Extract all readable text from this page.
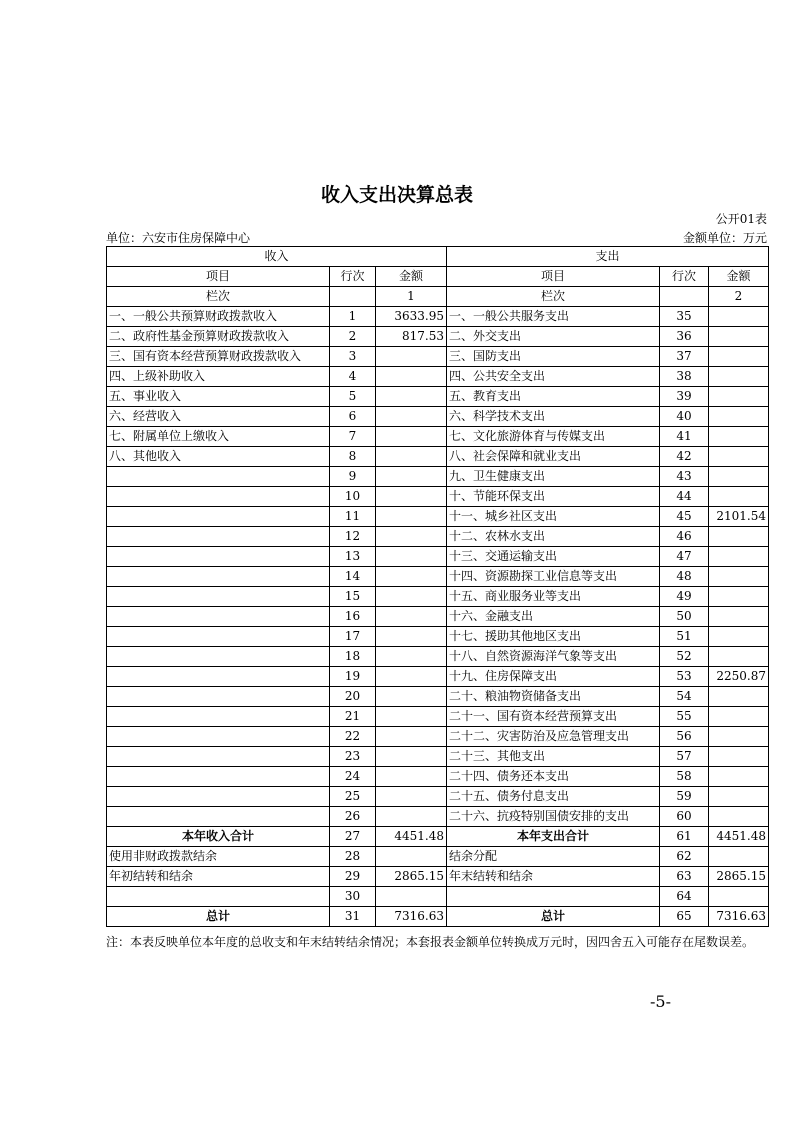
收入支出决算总表
公开01表
单位：六安市住房保障中心	金额单位：万元
收入			支出		
项目	行次	金额	项目	行次	金额
栏次		1	栏次		2
一、一般公共预算财政拨款收入	1	3633.95	一、一般公共服务支出	35	
二、政府性基金预算财政拨款收入	2	817.53	二、外交支出	36	
三、国有资本经营预算财政拨款收入	3		三、国防支出	37	
四、上级补助收入	4		四、公共安全支出	38	
五、事业收入	5		五、教育支出	39	
六、经营收入	6		六、科学技术支出	40	
七、附属单位上缴收入	7		七、文化旅游体育与传媒支出	41	
八、其他收入	8		八、社会保障和就业支出	42	
	9		九、卫生健康支出	43	
	10		十、节能环保支出	44	
	11		十一、城乡社区支出	45	2101.54
	12		十二、农林水支出	46	
	13		十三、交通运输支出	47	
	14		十四、资源勘探工业信息等支出	48	
	15		十五、商业服务业等支出	49	
	16		十六、金融支出	50	
	17		十七、援助其他地区支出	51	
	18		十八、自然资源海洋气象等支出	52	
	19		十九、住房保障支出	53	2250.87
	20		二十、粮油物资储备支出	54	
	21		二十一、国有资本经营预算支出	55	
	22		二十二、灾害防治及应急管理支出	56	
	23		二十三、其他支出	57	
	24		二十四、债务还本支出	58	
	25		二十五、债务付息支出	59	
	26		二十六、抗疫特别国债安排的支出	60	
本年收入合计	27	4451.48	本年支出合计	61	4451.48
使用非财政拨款结余	28		结余分配	62	
年初结转和结余	29	2865.15	年末结转和结余	63	2865.15
	30			64	
总计	31	7316.63	总计	65	7316.63
注：本表反映单位本年度的总收支和年末结转结余情况；本套报表金额单位转换成万元时，因四舍五入可能存在尾数误差。
-5-
